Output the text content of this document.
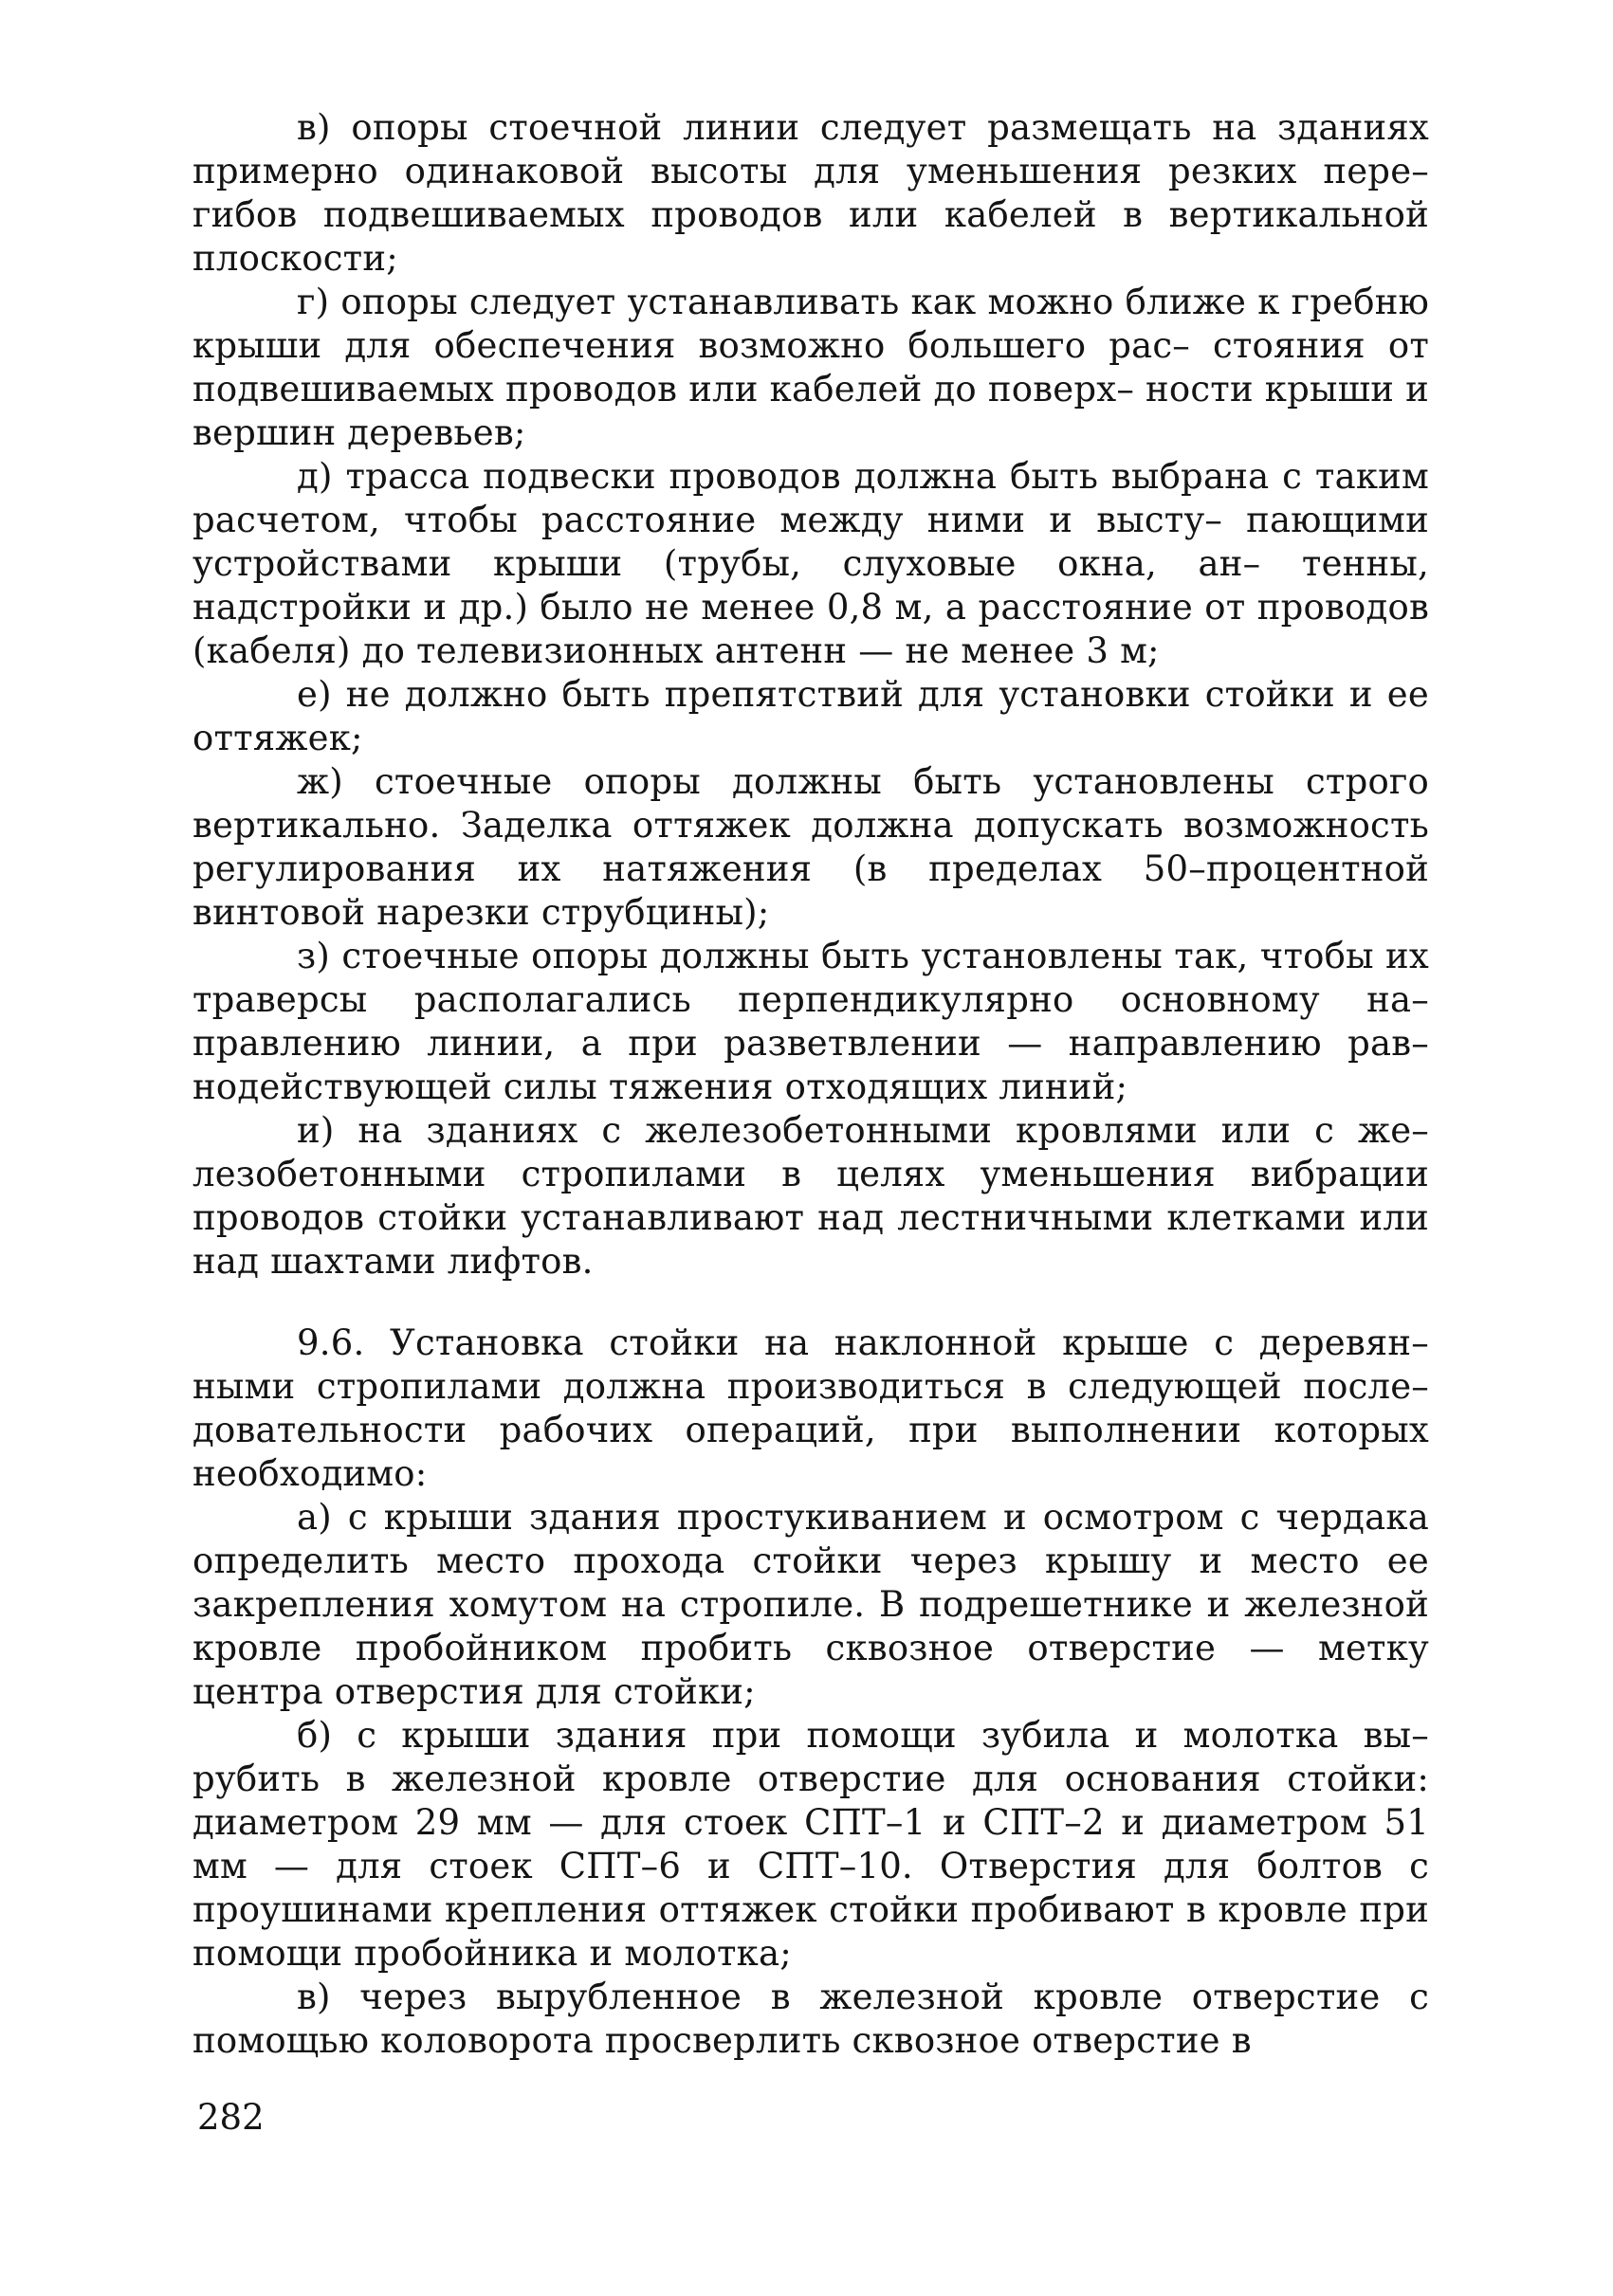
в) опоры стоечной линии следует размещать на зданиях примерно одинаковой высоты для уменьшения резких пере– гибов подвешиваемых проводов или кабелей в вертикальной плоскости;

г) опоры следует устанавливать как можно ближе к гребню крыши для обеспечения возможно большего рас– стояния от подвешиваемых проводов или кабелей до поверх– ности крыши и вершин деревьев;

д) трасса подвески проводов должна быть выбрана с таким расчетом, чтобы расстояние между ними и высту– пающими устройствами крыши (трубы, слуховые окна, ан– тенны, надстройки и др.) было не менее 0,8 м, а расстояние от проводов (кабеля) до телевизионных антенн — не менее 3 м;

е) не должно быть препятствий для установки стойки и ее оттяжек;

ж) стоечные опоры должны быть установлены строго вертикально. Заделка оттяжек должна допускать возможность регулирования их натяжения (в пределах 50–процентной винтовой нарезки струбцины);

з) стоечные опоры должны быть установлены так, чтобы их траверсы располагались перпендикулярно основному на– правлению линии, а при разветвлении — направлению рав– нодействующей силы тяжения отходящих линий;

и) на зданиях с железобетонными кровлями или с же– лезобетонными стропилами в целях уменьшения вибрации проводов стойки устанавливают над лестничными клетками или над шахтами лифтов.

9.6. Установка стойки на наклонной крыше с деревян– ными стропилами должна производиться в следующей после– довательности рабочих операций, при выполнении которых необходимо:

а) с крыши здания простукиванием и осмотром с чердака определить место прохода стойки через крышу и место ее закрепления хомутом на стропиле. В подрешетнике и железной кровле пробойником пробить сквозное отверстие — метку центра отверстия для стойки;

б) с крыши здания при помощи зубила и молотка вы– рубить в железной кровле отверстие для основания стойки: диаметром 29 мм — для стоек СПТ–1 и СПТ–2 и диаметром 51 мм — для стоек СПТ–6 и СПТ–10. Отверстия для болтов с проушинами крепления оттяжек стойки пробивают в кровле при помощи пробойника и молотка;

в) через вырубленное в железной кровле отверстие с помощью коловорота просверлить сквозное отверстие в

282
